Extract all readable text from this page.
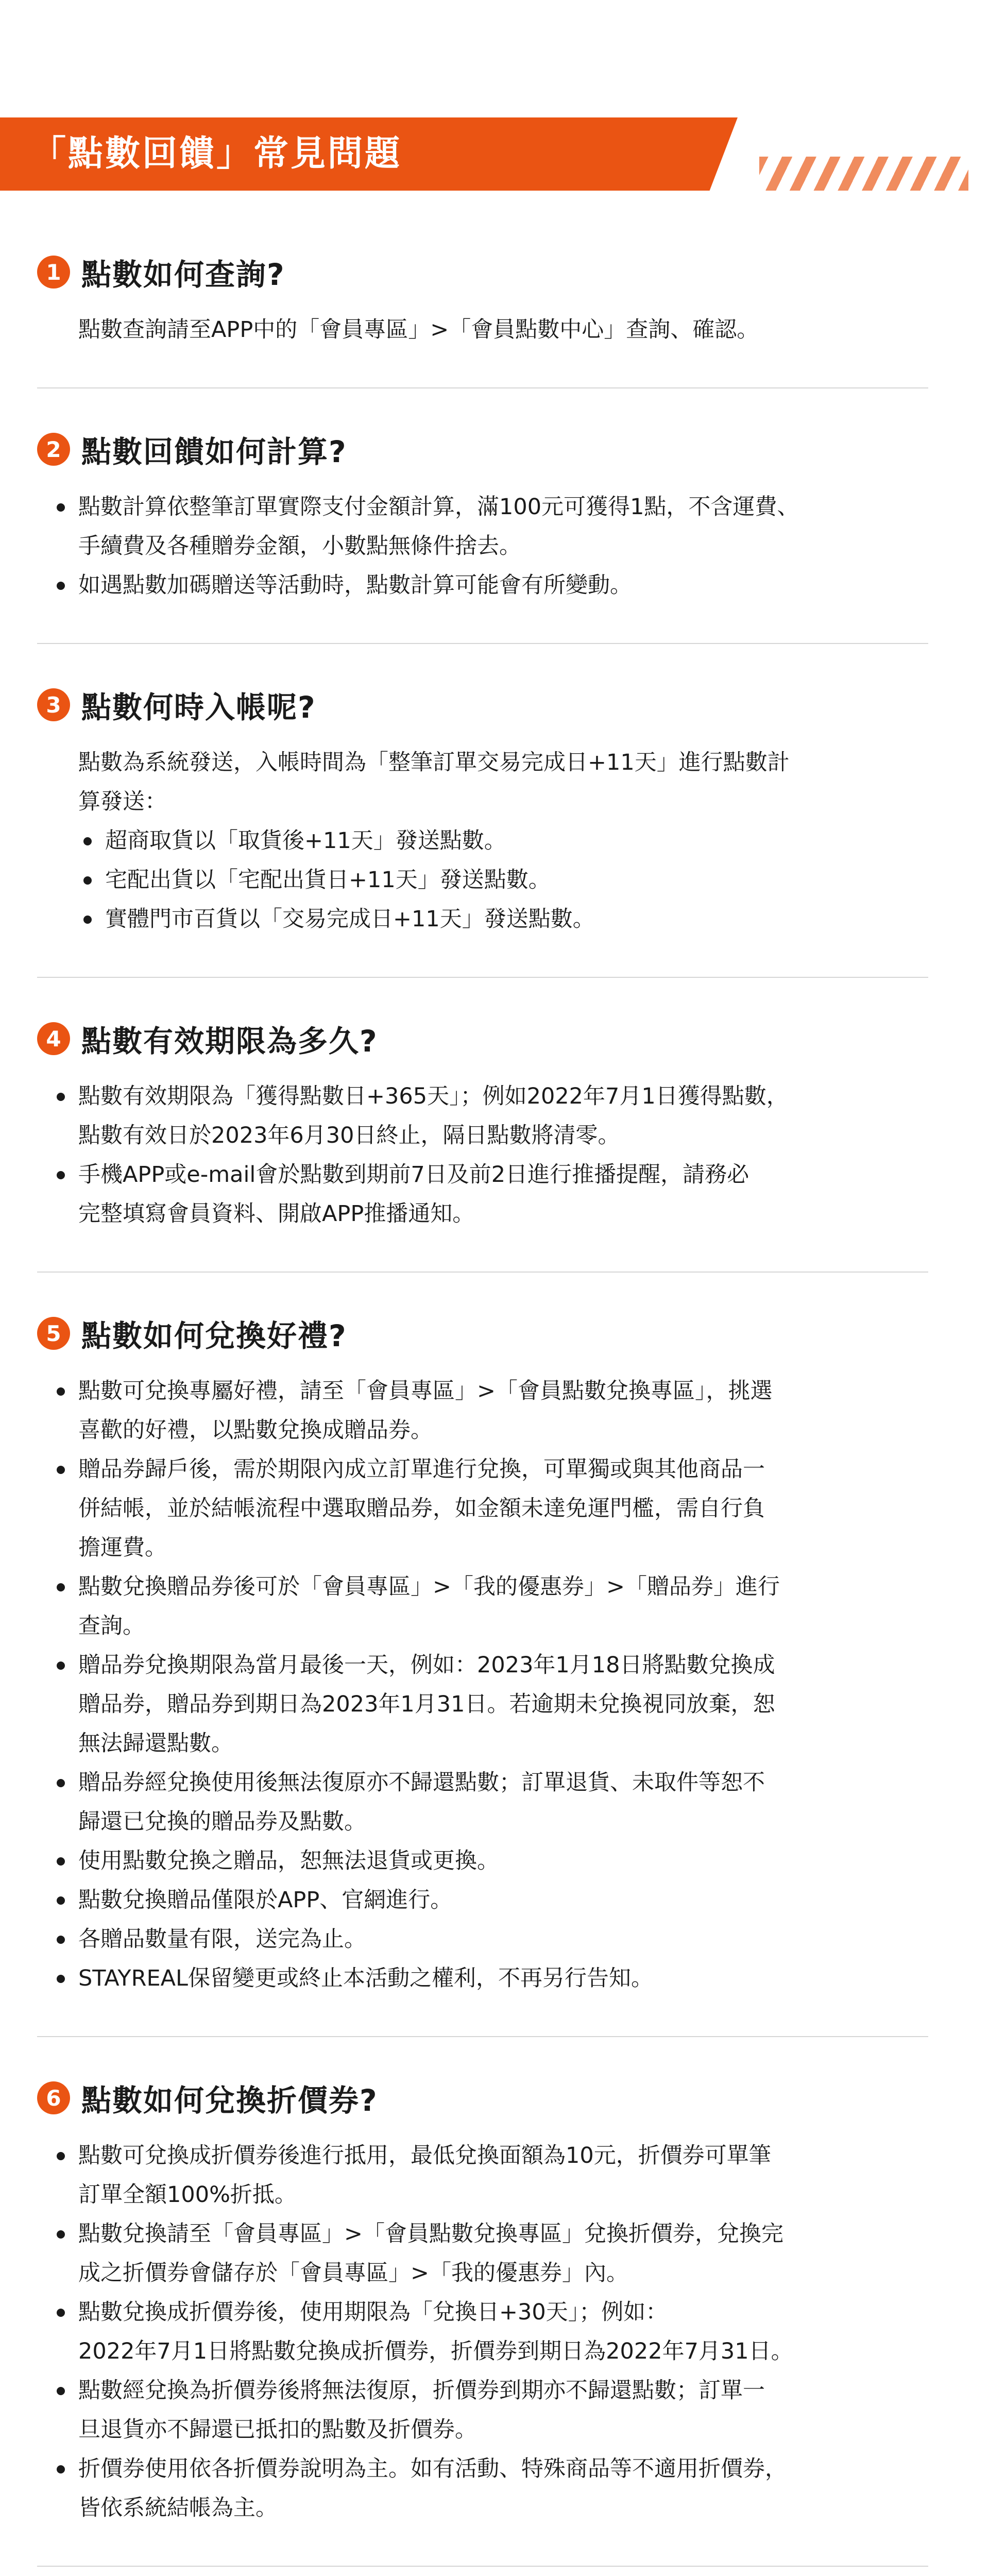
「點數回饋」常見問題
1 點數如何查詢?

點數查詢請至APP中的「會員專區」>「會員點數中心」查詢、確認。

2 點數回饋如何計算?
點數計算依整筆訂單實際支付金額計算，滿100元可獲得1點，不含運費、
手續費及各種贈券金額，小數點無條件捨去。
如遇點數加碼贈送等活動時，點數計算可能會有所變動。
3 點數何時入帳呢?

點數為系統發送，入帳時間為「整筆訂單交易完成日+11天」進行點數計

算發送：

超商取貨以「取貨後+11天」發送點數。
宅配出貨以「宅配出貨日+11天」發送點數。
實體門市百貨以「交易完成日+11天」發送點數。
4 點數有效期限為多久?
點數有效期限為「獲得點數日+365天」；例如2022年7月1日獲得點數，
點數有效日於2023年6月30日終止，隔日點數將清零。
手機APP或e-mail會於點數到期前7日及前2日進行推播提醒，請務必
完整填寫會員資料、開啟APP推播通知。
5 點數如何兌換好禮?
點數可兌換專屬好禮，請至「會員專區」>「會員點數兌換專區」，挑選
喜歡的好禮，以點數兌換成贈品券。
贈品券歸戶後，需於期限內成立訂單進行兌換，可單獨或與其他商品一
併結帳，並於結帳流程中選取贈品券，如金額未達免運門檻，需自行負
擔運費。
點數兌換贈品券後可於「會員專區」>「我的優惠券」>「贈品券」進行
查詢。
贈品券兌換期限為當月最後一天，例如：2023年1月18日將點數兌換成
贈品券，贈品券到期日為2023年1月31日。若逾期未兌換視同放棄，恕
無法歸還點數。
贈品券經兌換使用後無法復原亦不歸還點數；訂單退貨、未取件等恕不
歸還已兌換的贈品券及點數。
使用點數兌換之贈品，恕無法退貨或更換。
點數兌換贈品僅限於APP、官網進行。
各贈品數量有限，送完為止。
STAYREAL保留變更或終止本活動之權利，不再另行告知。
6 點數如何兌換折價券?
點數可兌換成折價券後進行抵用，最低兌換面額為10元，折價券可單筆
訂單全額100%折抵。
點數兌換請至「會員專區」>「會員點數兌換專區」兌換折價券，兌換完
成之折價券會儲存於「會員專區」>「我的優惠券」內。
點數兌換成折價券後，使用期限為「兌換日+30天」；例如：
2022年7月1日將點數兌換成折價券，折價券到期日為2022年7月31日。
點數經兌換為折價券後將無法復原，折價券到期亦不歸還點數；訂單一
旦退貨亦不歸還已抵扣的點數及折價券。
折價券使用依各折價券說明為主。如有活動、特殊商品等不適用折價券，
皆依系統結帳為主。
